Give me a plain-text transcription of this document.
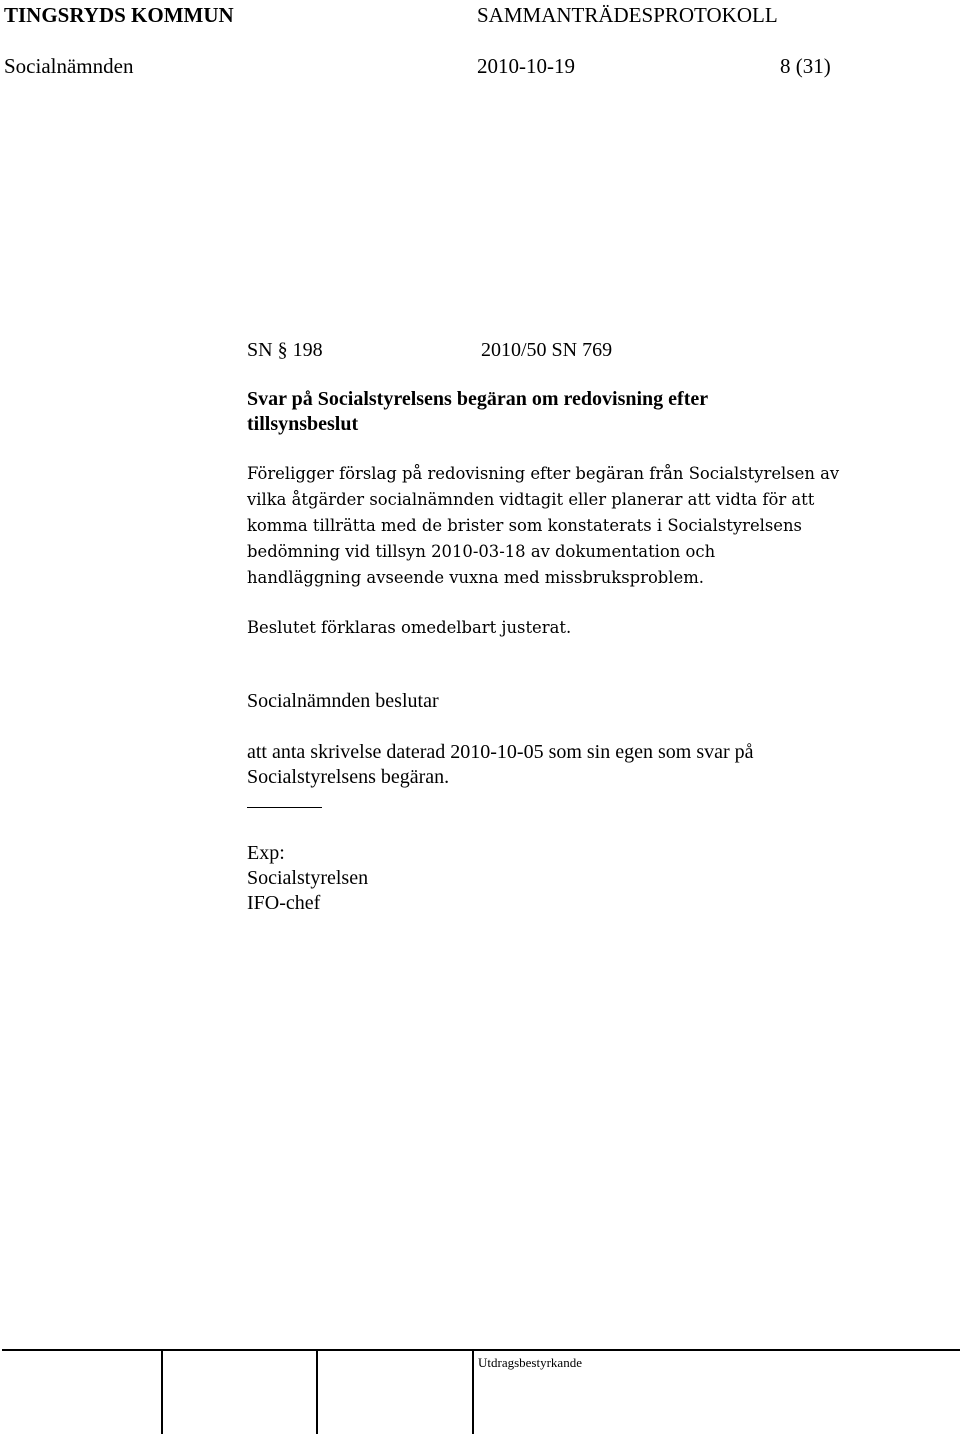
TINGSRYDS KOMMUN	SAMMANTRÄDESPROTOKOLL
Socialnämnden	2010-10-19	8 (31)
SN § 198	2010/50 SN 769
Svar på Socialstyrelsens begäran om redovisning efter
tillsynsbeslut
Föreligger förslag på redovisning efter begäran från Socialstyrelsen av
vilka åtgärder socialnämnden vidtagit eller planerar att vidta för att
komma tillrätta med de brister som konstaterats i Socialstyrelsens
bedömning vid tillsyn 2010-03-18 av dokumentation och
handläggning avseende vuxna med missbruksproblem.
Beslutet förklaras omedelbart justerat.
Socialnämnden beslutar
att anta skrivelse daterad 2010-10-05 som sin egen som svar på
Socialstyrelsens begäran.
Exp:
Socialstyrelsen
IFO-chef
Utdragsbestyrkande
